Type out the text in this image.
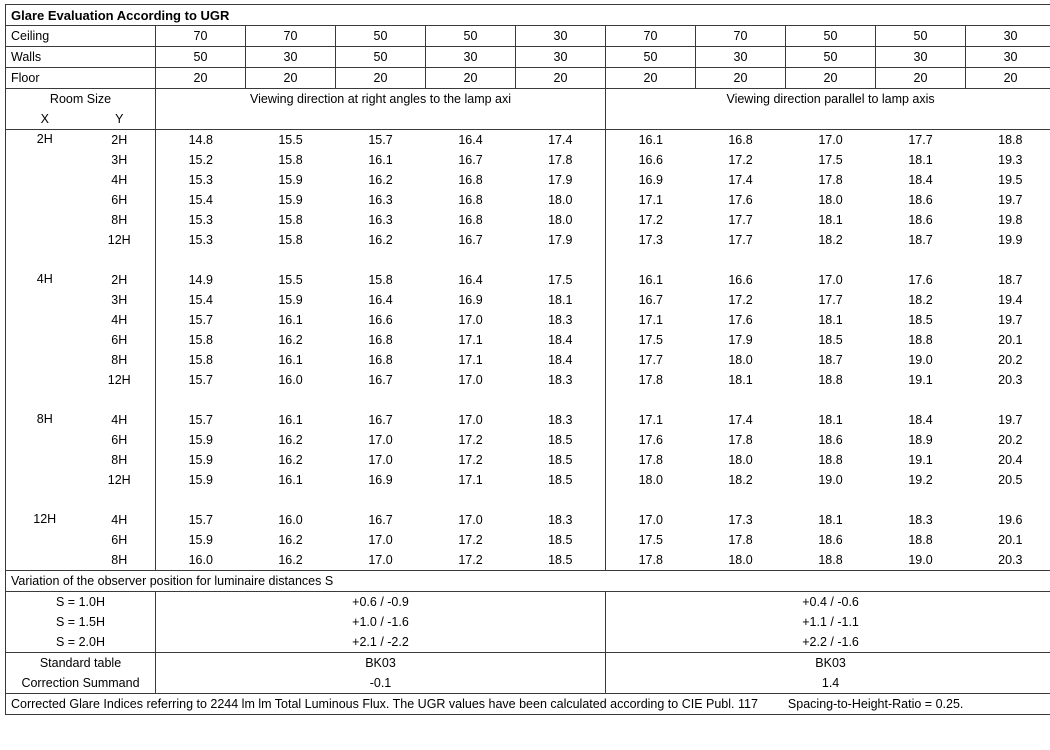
Glare Evaluation According to UGR											
Ceiling		70	70	50	50	30	70	70	50	50	30
Walls		50	30	50	30	30	50	30	50	30	30
Floor		20	20	20	20	20	20	20	20	20	20
Room Size		Viewing direction at right angles to the lamp axi					Viewing direction parallel to lamp axis				
X	Y										
2H	2H	14.8	15.5	15.7	16.4	17.4	16.1	16.8	17.0	17.7	18.8
	3H	15.2	15.8	16.1	16.7	17.8	16.6	17.2	17.5	18.1	19.3
	4H	15.3	15.9	16.2	16.8	17.9	16.9	17.4	17.8	18.4	19.5
	6H	15.4	15.9	16.3	16.8	18.0	17.1	17.6	18.0	18.6	19.7
	8H	15.3	15.8	16.3	16.8	18.0	17.2	17.7	18.1	18.6	19.8
	12H	15.3	15.8	16.2	16.7	17.9	17.3	17.7	18.2	18.7	19.9

4H	2H	14.9	15.5	15.8	16.4	17.5	16.1	16.6	17.0	17.6	18.7
	3H	15.4	15.9	16.4	16.9	18.1	16.7	17.2	17.7	18.2	19.4
	4H	15.7	16.1	16.6	17.0	18.3	17.1	17.6	18.1	18.5	19.7
	6H	15.8	16.2	16.8	17.1	18.4	17.5	17.9	18.5	18.8	20.1
	8H	15.8	16.1	16.8	17.1	18.4	17.7	18.0	18.7	19.0	20.2
	12H	15.7	16.0	16.7	17.0	18.3	17.8	18.1	18.8	19.1	20.3

8H	4H	15.7	16.1	16.7	17.0	18.3	17.1	17.4	18.1	18.4	19.7
	6H	15.9	16.2	17.0	17.2	18.5	17.6	17.8	18.6	18.9	20.2
	8H	15.9	16.2	17.0	17.2	18.5	17.8	18.0	18.8	19.1	20.4
	12H	15.9	16.1	16.9	17.1	18.5	18.0	18.2	19.0	19.2	20.5

12H	4H	15.7	16.0	16.7	17.0	18.3	17.0	17.3	18.1	18.3	19.6
	6H	15.9	16.2	17.0	17.2	18.5	17.5	17.8	18.6	18.8	20.1
	8H	16.0	16.2	17.0	17.2	18.5	17.8	18.0	18.8	19.0	20.3
Variation of the observer position for luminaire distances S											
S = 1.0H		+0.6 / -0.9					+0.4 / -0.6				
S = 1.5H		+1.0 / -1.6					+1.1 / -1.1				
S = 2.0H		+2.1 / -2.2					+2.2 / -1.6				
Standard table		BK03					BK03				
Correction Summand		-0.1					1.4				
Corrected Glare Indices referring to 2244 lm lm Total Luminous Flux. The UGR values have been calculated according to CIE Publ. 117 Spacing-to-Height-Ratio = 0.25.											
